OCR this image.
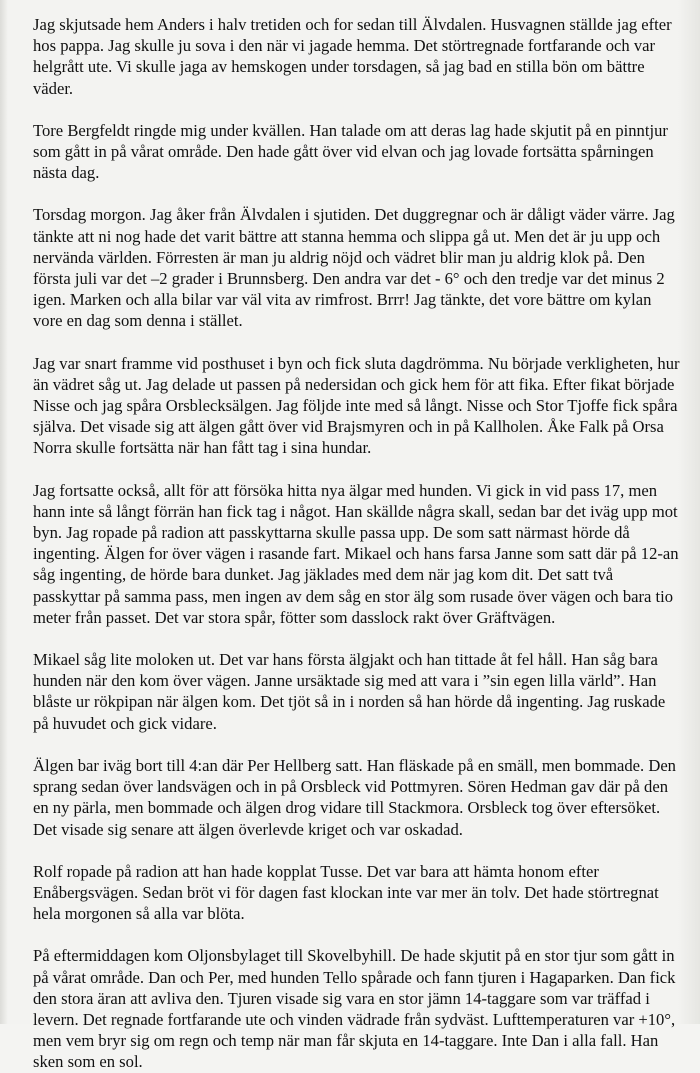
Jag skjutsade hem Anders i halv tretiden och for sedan till Älvdalen. Husvagnen ställde jag efter hos pappa. Jag skulle ju sova i den när vi jagade hemma. Det störtregnade fortfarande och var helgrått ute. Vi skulle jaga av hemskogen under torsdagen, så jag bad en stilla bön om bättre väder.

Tore Bergfeldt ringde mig under kvällen. Han talade om att deras lag hade skjutit på en pinntjur som gått in på vårat område. Den hade gått över vid elvan och jag lovade fortsätta spårningen nästa dag.

Torsdag morgon. Jag åker från Älvdalen i sjutiden. Det duggregnar och är dåligt väder värre. Jag tänkte att ni nog hade det varit bättre att stanna hemma och slippa gå ut. Men det är ju upp och nervända världen. Förresten är man ju aldrig nöjd och vädret blir man ju aldrig klok på. Den första juli var det –2 grader i Brunnsberg. Den andra var det - 6° och den tredje var det minus 2 igen. Marken och alla bilar var väl vita av rimfrost. Brrr! Jag tänkte, det vore bättre om kylan vore en dag som denna i stället.

Jag var snart framme vid posthuset i byn och fick sluta dagdrömma. Nu började verkligheten, hur än vädret såg ut. Jag delade ut passen på nedersidan och gick hem för att fika. Efter fikat började Nisse och jag spåra Orsblecksälgen. Jag följde inte med så långt. Nisse och Stor Tjoffe fick spåra själva. Det visade sig att älgen gått över vid Brajsmyren och in på Kallholen. Åke Falk på Orsa Norra skulle fortsätta när han fått tag i sina hundar.

Jag fortsatte också, allt för att försöka hitta nya älgar med hunden. Vi gick in vid pass 17, men hann inte så långt förrän han fick tag i något. Han skällde några skall, sedan bar det iväg upp mot byn. Jag ropade på radion att passkyttarna skulle passa upp. De som satt närmast hörde då ingenting. Älgen for över vägen i rasande fart. Mikael och hans farsa Janne som satt där på 12-an såg ingenting, de hörde bara dunket. Jag jäklades med dem när jag kom dit. Det satt två passkyttar på samma pass, men ingen av dem såg en stor älg som rusade över vägen och bara tio meter från passet. Det var stora spår, fötter som dasslock rakt över Gräftvägen.

Mikael såg lite moloken ut. Det var hans första älgjakt och han tittade åt fel håll. Han såg bara hunden när den kom över vägen. Janne ursäktade sig med att vara i ”sin egen lilla värld”. Han blåste ur rökpipan när älgen kom. Det tjöt så in i norden så han hörde då ingenting. Jag ruskade på huvudet och gick vidare.

Älgen bar iväg bort till 4:an där Per Hellberg satt. Han fläskade på en smäll, men bommade. Den sprang sedan över landsvägen och in på Orsbleck vid Pottmyren. Sören Hedman gav där på den en ny pärla, men bommade och älgen drog vidare till Stackmora. Orsbleck tog över eftersöket. Det visade sig senare att älgen överlevde kriget och var oskadad.

Rolf ropade på radion att han hade kopplat Tusse. Det var bara att hämta honom efter Enåbergsvägen. Sedan bröt vi för dagen fast klockan inte var mer än tolv. Det hade störtregnat hela morgonen så alla var blöta.

På eftermiddagen kom Oljonsbylaget till Skovelbyhill. De hade skjutit på en stor tjur som gått in på vårat område. Dan och Per, med hunden Tello spårade och fann tjuren i Hagaparken. Dan fick den stora äran att avliva den. Tjuren visade sig vara en stor jämn 14-taggare som var träffad i levern. Det regnade fortfarande ute och vinden vädrade från sydväst. Lufttemperaturen var +10°, men vem bryr sig om regn och temp när man får skjuta en 14-taggare. Inte Dan i alla fall. Han sken som en sol.
